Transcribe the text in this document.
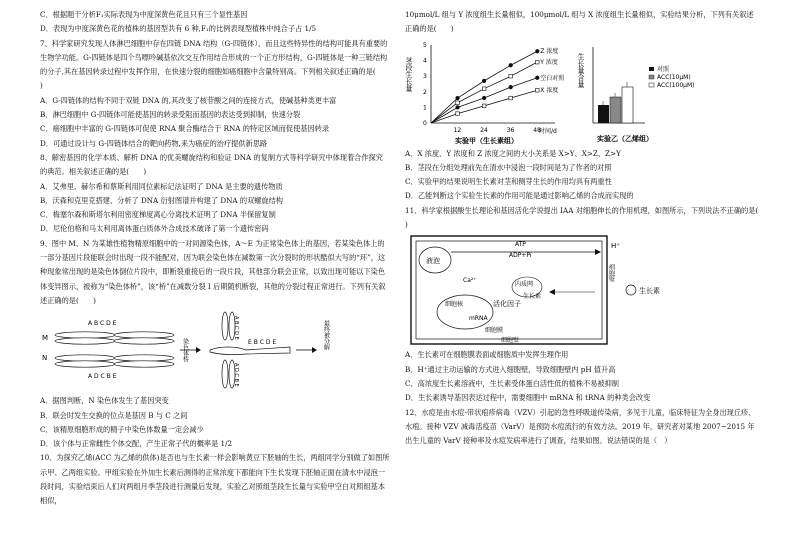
C．根据题干分析F₁实际表现为中度深黄色花且只有三个显性基因

D．表现为中度深黄色花的植株的基因型共有 6 种,F₁的比例表现型植株中纯合子占 1/5

7、科学家研究发现人体淋巴细胞中存在四链 DNA 结构（G-四链体），而且这些特异性的结构可能具有重要的生物学功能。G-四链体是四个鸟嘌呤碱基依次交互作用结合形成的一个正方形结构，G-四链体是一种三链结构的分子,其在基因转录过程中发挥作用，在快速分裂的细胞如癌细胞中含量特别高。下列相关叙述正确的是(　　)

A．G-四链体的结构不同于双链 DNA 的,其改变了核苷酸之间的连接方式，使碱基种类更丰富

B．淋巴细胞中 G-四链体可能使基因的转录受阻而基因的表达受到抑制，快速分裂

C．癌细胞中丰富的 G-四链体可促使 RNA 聚合酶结合于 RNA 的特定区域而促使基因转录

D．可通过设计与 G-四链体结合的靶向药物,来为癌症的治疗提供新思路

8、解密基因的化学本质、解析 DNA 的优美螺旋结构和验证 DNA 的复制方式等科学研究中体现着合作探究的典范。相关叙述正确的是(　　)

A．艾弗里、赫尔希和蔡斯利用同位素标记法证明了 DNA 是主要的遗传物质

B．沃森和克里克搭建、分析了 DNA 衍射图谱并构建了 DNA 的双螺旋结构

C．梅塞尔森和斯塔尔利用密度梯度离心分离技术证明了 DNA 半保留复制

D．尼伦伯格和马太利用离体蛋白质体外合成技术破译了第一个遗传密码

9、图中 M、N 为某雄性植物精原细胞中的一对同源染色体，A～E 为正常染色体上的基因，若某染色体上的一部分基因片段能联会时出现一段不能配对，因为联会染色体在减数第一次分裂时的形状酷似大写的“环”，这种现象常出现的是染色体倒位片段中，即断裂重接后的一段片段，其他部分联会正常，以致出现可能以下染色体变异图示，被称为“染色体桥”，该“桥”在减数分裂 I 后期随机断裂，其他的分裂过程正常进行。下列有关叙述正确的是(　　)

M
N
A B C D E
A D C B E
染色体桥
A B C D E
E B C D E
A D C B E
最终被分解

A．据图判断，N 染色体发生了基因突变

B．联会时发生交换的位点是基因 B 与 C 之间

C．该精原细胞形成的精子中染色体数量一定会减少

D．该个体与正常雌性个体交配，产生正常子代的概率是 1/2

10、为探究乙烯(ACC 为乙烯的供体)是否也与生长素一样会影响黄豆下胚轴的生长，两组同学分别做了如图所示甲、乙两组实验。甲组实验在外加生长素后测得的正常浓度下都能向下生长发现下胚轴正面在清水中浸泡一段时间，实验结束后人们对两组月季茎段进行测量后发现，实验乙对照组茎段生长量与实验甲空白对照组基本相似，

10μmol/L 组与 Y 浓度组生长量相似，100μmol/L 组与 X 浓度组生长量相似，实验结果分析，下列有关叙述正确的是(　　)

茎段生长量
0
1
2
3
4
5
12	24	36	48
时间/d
Z 浓度
Y 浓度
空白对照
X 浓度
实验甲（生长素组）
生长量含量	对照
ACC(10μM)
ACC(100μM)
实验乙（乙烯组）

A．X 浓度、Y 浓度和 Z 浓度之间的大小关系是 X>Y、X>Z、Z>Y

B．茎段在分组处理前先在清水中浸泡一段时间是为了作者的对照

C．实验甲的结果说明生长素对茎和侧芽生长的作用均具有两重性

D．乙能判断这个实验生长素的作用可能是通过影响乙烯的合成而实现的

11、科学家根据酸生长理论和基因活化学说提出 IAA 对细胞伸长的作用机理，如图所示，下列说法不正确的是(　　)

液泡
ATP
ADP+Pi
H⁺
Ca²⁺
内质网
生长素
细胞核
mRNA
活化因子
生长素
细胞壁
细胞膜
细胞壁

A．生长素可在细胞膜表面或细胞质中发挥生理作用

B．H⁺通过主动运输的方式进入细胞壁，导致细胞壁内 pH 值升高

C．高浓度生长素溶液中，生长素受体蛋白活性低的植株不易被抑制

D．生长素诱导基因表达过程中，需要细胞中 mRNA 和 tRNA 的种类会改变

12、水痘是由水痘-带状疱疹病毒（VZV）引起的急性呼吸道传染病，多见于儿童，临床特征为全身出现丘疹、水疱。接种 VZV 减毒活疫苗（VarV）是预防水痘流行的有效方法。2019 年，研究者对某地 2007~2015 年出生儿童的 VarV 接种率及水痘发病率进行了调查，结果如图。说法错误的是（　）
